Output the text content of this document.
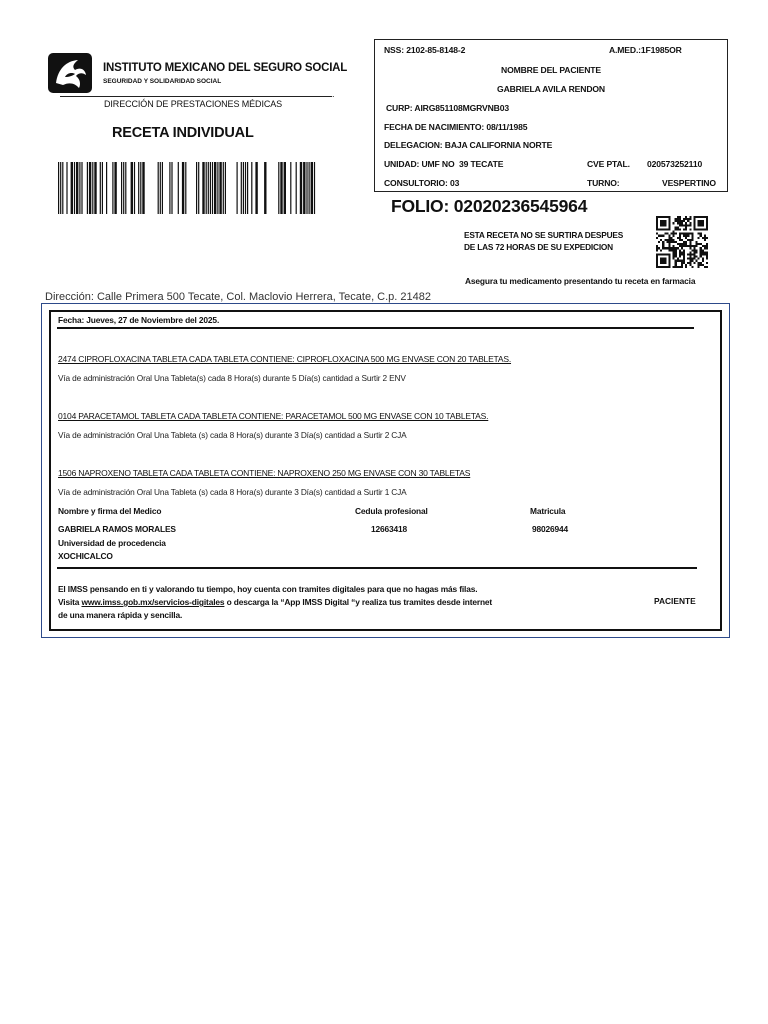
INSTITUTO MEXICANO DEL SEGURO SOCIAL
SEGURIDAD Y SOLIDARIDAD SOCIAL
.
DIRECCIÓN DE PRESTACIONES MÉDICAS
RECETA INDIVIDUAL
NSS: 2102-85-8148-2	A.MED.:1F1985OR
NOMBRE DEL PACIENTE
GABRIELA AVILA RENDON
CURP: AIRG851108MGRVNB03
FECHA DE NACIMIENTO: 08/11/1985
DELEGACION: BAJA CALIFORNIA NORTE
UNIDAD: UMF NO  39 TECATE	CVE PTAL. 020573252110
CONSULTORIO: 03	TURNO:	VESPERTINO
FOLIO: 02020236545964
ESTA RECETA NO SE SURTIRA DESPUES
DE LAS 72 HORAS DE SU EXPEDICION
Asegura tu medicamento presentando tu receta en farmacia
Dirección: Calle Primera 500 Tecate, Col. Maclovio Herrera, Tecate, C.p. 21482
Fecha: Jueves, 27 de Noviembre del 2025.
2474 CIPROFLOXACINA TABLETA CADA TABLETA CONTIENE: CIPROFLOXACINA 500 MG ENVASE CON 20 TABLETAS.
Vía de administración Oral Una Tableta(s) cada 8 Hora(s) durante 5 Día(s) cantidad a Surtir 2 ENV
0104 PARACETAMOL TABLETA CADA TABLETA CONTIENE: PARACETAMOL 500 MG ENVASE CON 10 TABLETAS.
Vía de administración Oral Una Tableta (s) cada 8 Hora(s) durante 3 Día(s) cantidad a Surtir 2 CJA
1506 NAPROXENO TABLETA CADA TABLETA CONTIENE: NAPROXENO 250 MG ENVASE CON 30 TABLETAS
Vía de administración Oral Una Tableta (s) cada 8 Hora(s) durante 3 Día(s) cantidad a Surtir 1 CJA
Nombre y firma del Medico	Cedula profesional	Matricula
GABRIELA RAMOS MORALES	12663418	98026944
Universidad de procedencia
XOCHICALCO
El IMSS pensando en ti y valorando tu tiempo, hoy cuenta con tramites digitales para que no hagas más filas.
Visita www.imss.gob.mx/servicios-digitales o descarga la “App IMSS Digital “y realiza tus tramites desde internet
de una manera rápida y sencilla.
PACIENTE
